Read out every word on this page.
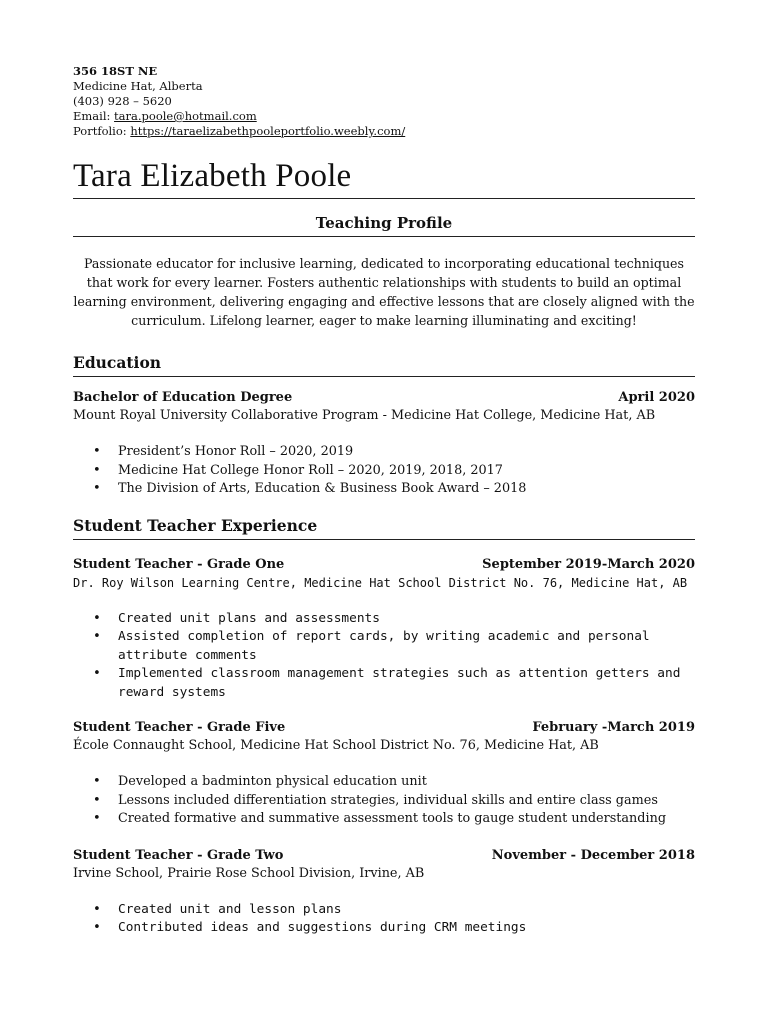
356 18ST NE
Medicine Hat, Alberta
(403) 928 – 5620
Email: tara.poole@hotmail.com
Portfolio: https://taraelizabethpooleportfolio.weebly.com/
Tara Elizabeth Poole
Teaching Profile

Passionate educator for inclusive learning, dedicated to incorporating educational techniques that work for every learner. Fosters authentic relationships with students to build an optimal learning environment, delivering engaging and effective lessons that are closely aligned with the curriculum. Lifelong learner, eager to make learning illuminating and exciting!

Education
Bachelor of Education Degree	April 2020
Mount Royal University Collaborative Program - Medicine Hat College, Medicine Hat, AB
• President’s Honor Roll – 2020, 2019
• Medicine Hat College Honor Roll – 2020, 2019, 2018, 2017
• The Division of Arts, Education & Business Book Award – 2018
Student Teacher Experience
Student Teacher - Grade One	September 2019-March 2020
Dr. Roy Wilson Learning Centre, Medicine Hat School District No. 76, Medicine Hat, AB
• Created unit plans and assessments
• Assisted completion of report cards, by writing academic and personal attribute comments
• Implemented classroom management strategies such as attention getters and reward systems
Student Teacher - Grade Five	February -March 2019
École Connaught School, Medicine Hat School District No. 76, Medicine Hat, AB
• Developed a badminton physical education unit
• Lessons included differentiation strategies, individual skills and entire class games
• Created formative and summative assessment tools to gauge student understanding
Student Teacher - Grade Two	November - December 2018
Irvine School, Prairie Rose School Division, Irvine, AB
• Created unit and lesson plans
• Contributed ideas and suggestions during CRM meetings
